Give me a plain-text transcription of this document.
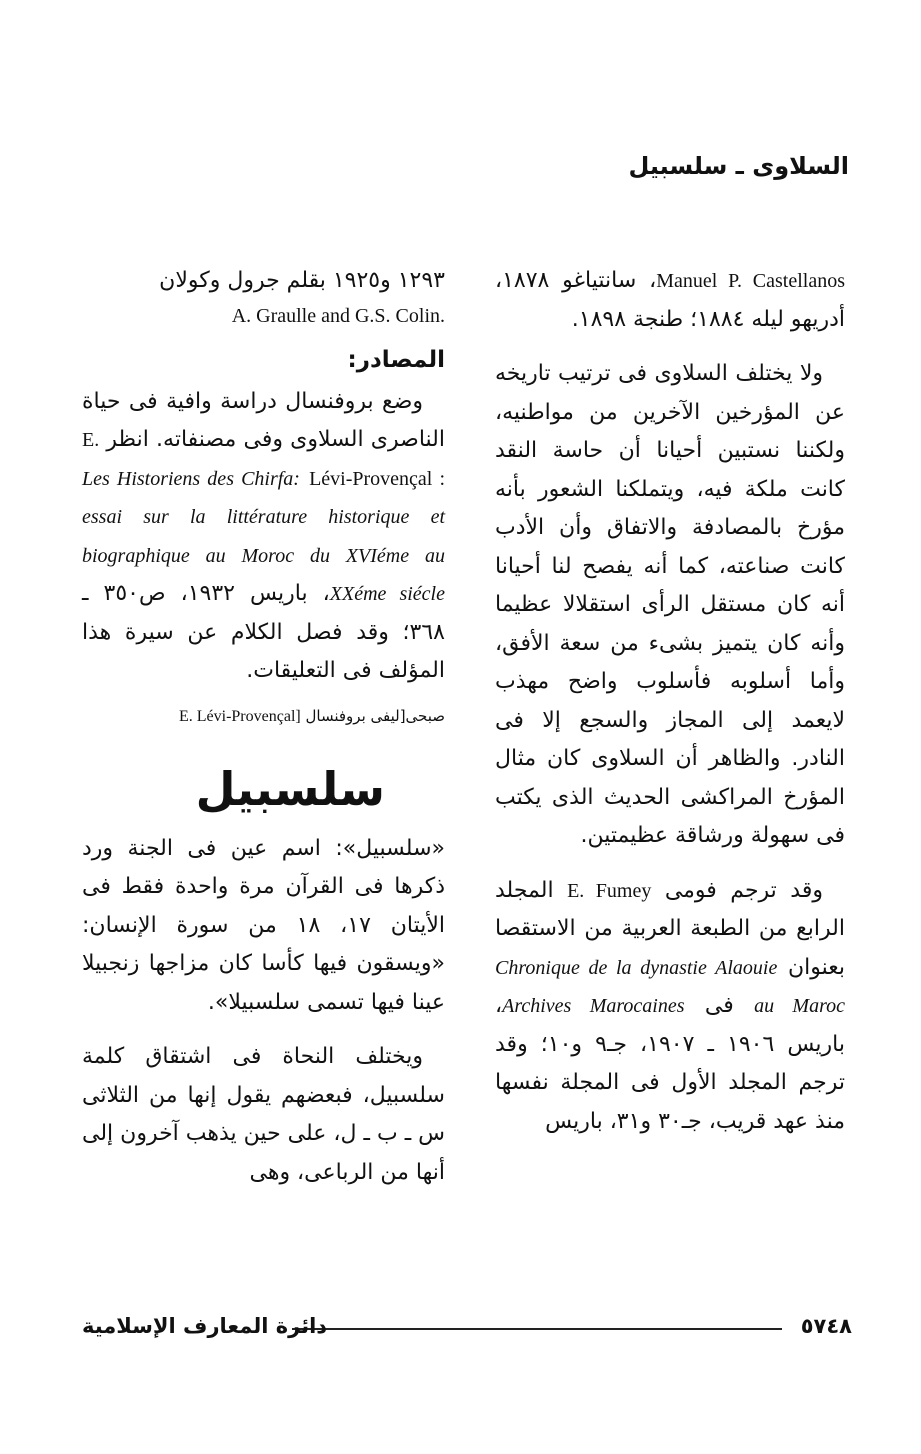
السلاوى ـ سلسبيل

Manuel P. Castellanos، سانتياغو ١٨٧٨، أدريهو ليله ١٨٨٤؛ طنجة ١٨٩٨.

ولا يختلف السلاوى فى ترتيب تاريخه عن المؤرخين الآخرين من مواطنيه، ولكننا نستبين أحيانا أن حاسة النقد كانت ملكة فيه، ويتملكنا الشعور بأنه مؤرخ بالمصادفة والاتفاق وأن الأدب كانت صناعته، كما أنه يفصح لنا أحيانا أنه كان مستقل الرأى استقلالا عظيما وأنه كان يتميز بشىء من سعة الأفق، وأما أسلوبه فأسلوب واضح مهذب لايعمد إلى المجاز والسجع إلا فى النادر. والظاهر أن السلاوى كان مثال المؤرخ المراكشى الحديث الذى يكتب فى سهولة ورشاقة عظيمتين.

وقد ترجم فومى E. Fumey المجلد الرابع من الطبعة العربية من الاستقصا بعنوان Chronique de la dynastie Alaouie au Maroc فى Archives Marocaines، باريس ١٩٠٦ ـ ١٩٠٧، جـ٩ و١٠؛ وقد ترجم المجلد الأول فى المجلة نفسها منذ عهد قريب، جـ٣٠ و٣١، باريس

١٢٩٣ و١٩٢٥ بقلم جرول وكولان

A. Graulle and G.S. Colin.

المصادر:

وضع بروفنسال دراسة وافية فى حياة الناصرى السلاوى وفى مصنفاته. انظر E. Lévi-Provençal : Les Historiens des Chirfa: essai sur la littérature historique et biographique au Moroc du XVIéme au XXéme siécle، باريس ١٩٣٢، ص٣٥٠ ـ ٣٦٨؛ وقد فصل الكلام عن سيرة هذا المؤلف فى التعليقات.

صبحى[ليفى بروفنسال E. Lévi-Provençal]

سلسبيل

«سلسبيل»: اسم عين فى الجنة ورد ذكرها فى القرآن مرة واحدة فقط فى الأيتان ١٧، ١٨ من سورة الإنسان: «ويسقون فيها كأسا كان مزاجها زنجبيلا عينا فيها تسمى سلسبيلا».

ويختلف النحاة فى اشتقاق كلمة سلسبيل، فبعضهم يقول إنها من الثلاثى س ـ ب ـ ل، على حين يذهب آخرون إلى أنها من الرباعى، وهى

٥٧٤٨
دائرة المعارف الإسلامية
